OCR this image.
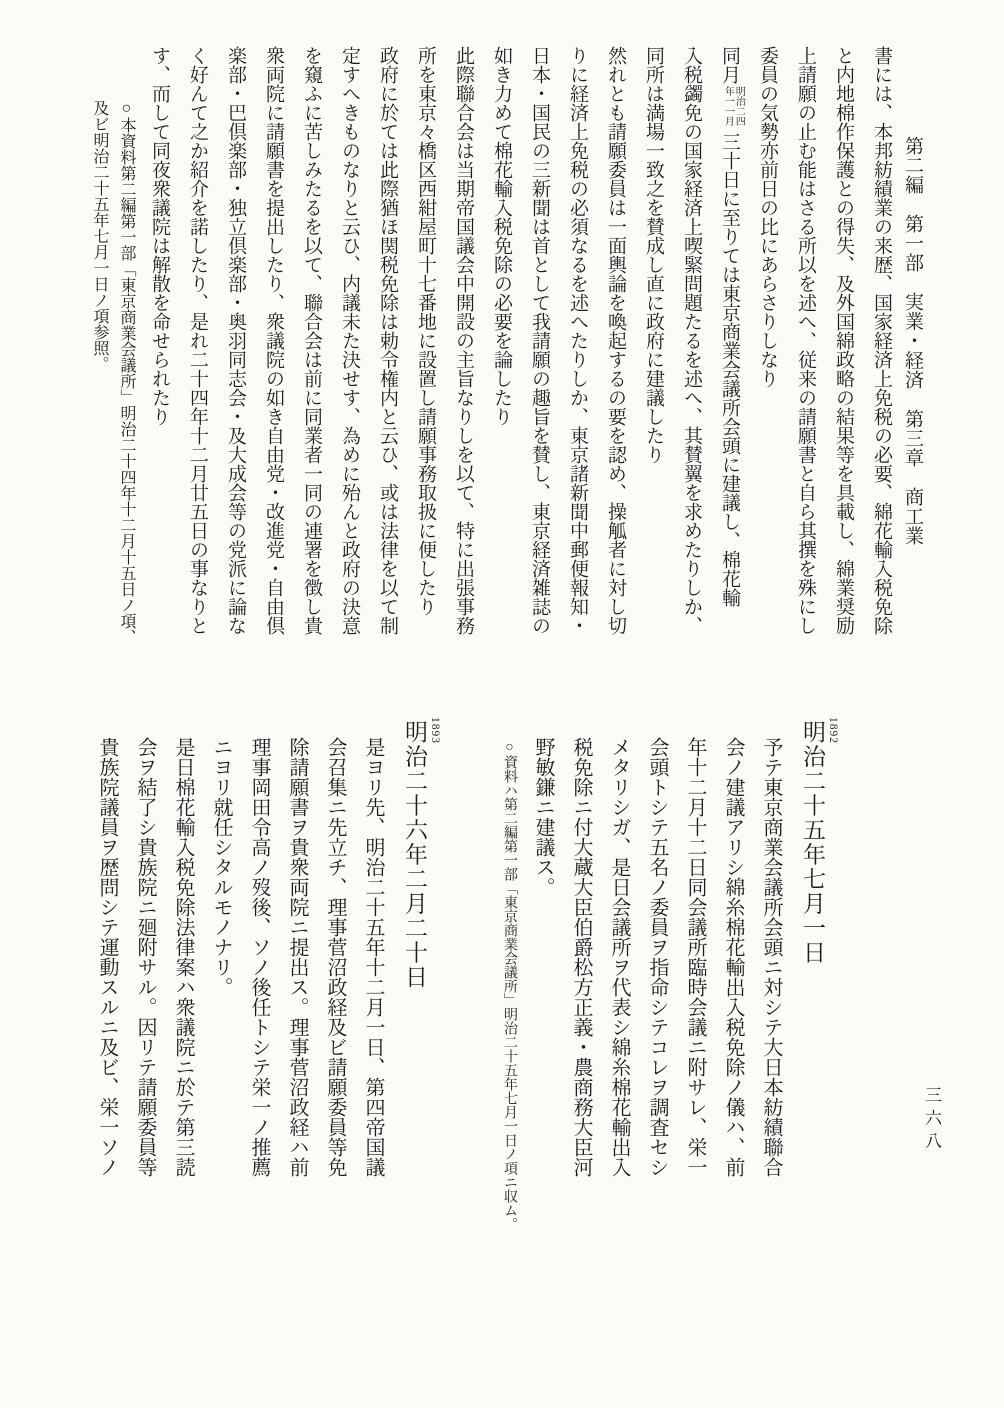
第二編　第一部　実業・経済　第三章　商工業
書には、本邦紡績業の来歴、国家経済上免税の必要、綿花輸入税免除
と内地棉作保護との得失、及外国綿政略の結果等を具載し、綿業奨励
上請願の止む能はさる所以を述へ、従来の請願書と自ら其撰を殊にし
委員の気勢亦前日の比にあらさりしなり
同月明治二四年一一月三十日に至りては東京商業会議所会頭に建議し、棉花輸
入税蠲免の国家経済上喫緊問題たるを述へ、其賛翼を求めたりしか、
同所は満場一致之を賛成し直に政府に建議したり
然れとも請願委員は一面輿論を喚起するの要を認め、操觚者に対し切
りに経済上免税の必須なるを述へたりしか、東京諸新聞中郵便報知・
日本・国民の三新聞は首として我請願の趣旨を賛し、東京経済雑誌の
如き力めて棉花輸入税免除の必要を論したり
此際聯合会は当期帝国議会中開設の主旨なりしを以て、特に出張事務
所を東京々橋区西紺屋町十七番地に設置し請願事務取扱に便したり
政府に於ては此際猶ほ関税免除は勅令権内と云ひ、或は法律を以て制
定すへきものなりと云ひ、内議未た決せす、為めに殆んと政府の決意
を窺ふに苦しみたるを以て、聯合会は前に同業者一同の連署を徴し貴
衆両院に請願書を提出したり、衆議院の如き自由党・改進党・自由倶
楽部・巴倶楽部・独立倶楽部・奥羽同志会・及大成会等の党派に論な
く好んて之か紹介を諾したり、是れ二十四年十二月廿五日の事なりと
す、而して同夜衆議院は解散を命せられたり
○本資料第二編第一部「東京商業会議所」明治二十四年十二月十五日ノ項、
及ビ明治二十五年七月一日ノ項参照。
1892
明治二十五年七月一日
予テ東京商業会議所会頭ニ対シテ大日本紡績聯合
会ノ建議アリシ綿糸棉花輸出入税免除ノ儀ハ、前
年十二月十二日同会議所臨時会議ニ附サレ、栄一
会頭トシテ五名ノ委員ヲ指命シテコレヲ調査セシ
メタリシガ、是日会議所ヲ代表シ綿糸棉花輸出入
税免除ニ付大蔵大臣伯爵松方正義・農商務大臣河
野敏鎌ニ建議ス。
○資料ハ第二編第一部「東京商業会議所」明治二十五年七月一日ノ項ニ収ム。
1893
明治二十六年二月二十日
是ヨリ先、明治二十五年十二月一日、第四帝国議
会召集ニ先立チ、理事菅沼政経及ビ請願委員等免
除請願書ヲ貴衆両院ニ提出ス。理事菅沼政経ハ前
理事岡田令高ノ歿後、ソノ後任トシテ栄一ノ推薦
ニヨリ就任シタルモノナリ。
是日棉花輸入税免除法律案ハ衆議院ニ於テ第三読
会ヲ結了シ貴族院ニ廻附サル。因リテ請願委員等
貴族院議員ヲ歴問シテ運動スルニ及ビ、栄一ソノ	三六八
